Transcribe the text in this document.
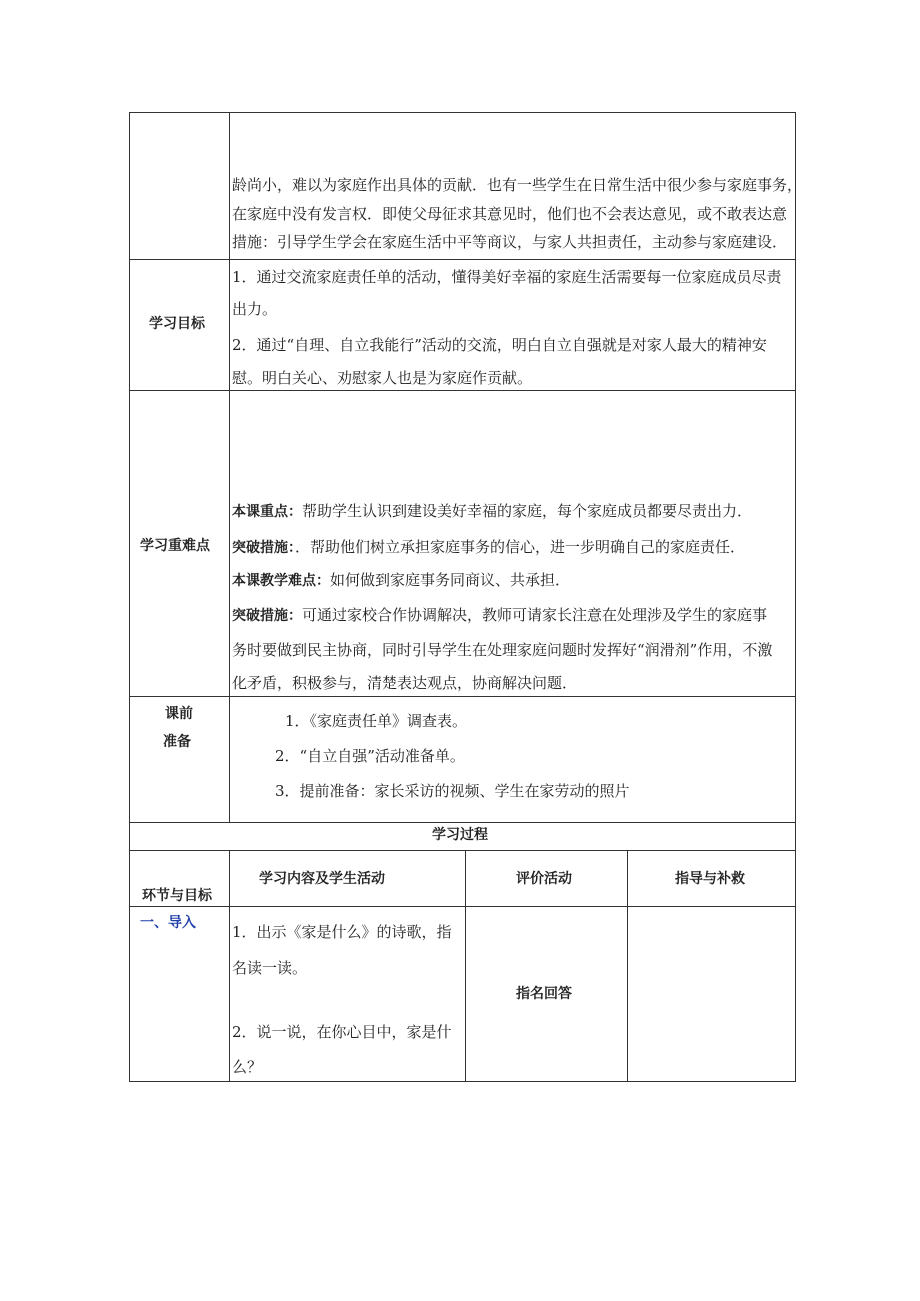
龄尚小，难以为家庭作出具体的贡献．也有一些学生在日常生活中很少参与家庭事务，
在家庭中没有发言权．即使父母征求其意见时，他们也不会表达意见，或不敢表达意
措施：引导学生学会在家庭生活中平等商议，与家人共担责任，主动参与家庭建设．
学习目标
1．通过交流家庭责任单的活动，懂得美好幸福的家庭生活需要每一位家庭成员尽责
出力。
2．通过“自理、自立我能行”活动的交流，明白自立自强就是对家人最大的精神安
慰。明白关心、劝慰家人也是为家庭作贡献。
学习重难点
本课重点：帮助学生认识到建设美好幸福的家庭，每个家庭成员都要尽责出力．
突破措施：．帮助他们树立承担家庭事务的信心，进一步明确自己的家庭责任．
本课教学难点：如何做到家庭事务同商议、共承担．
突破措施：可通过家校合作协调解决，教师可请家长注意在处理涉及学生的家庭事
务时要做到民主协商，同时引导学生在处理家庭问题时发挥好“润滑剂”作用，不激
化矛盾，积极参与，清楚表达观点，协商解决问题．
课前
准备
1．《家庭责任单》调查表。
2．“自立自强”活动准备单。
3．提前准备：家长采访的视频、学生在家劳动的照片
学习过程
环节与目标
学习内容及学生活动	评价活动	指导与补救
一、导入 1．出示《家是什么》的诗歌，指
名读一读。
2．说一说，在你心目中，家是什
么？
指名回答
